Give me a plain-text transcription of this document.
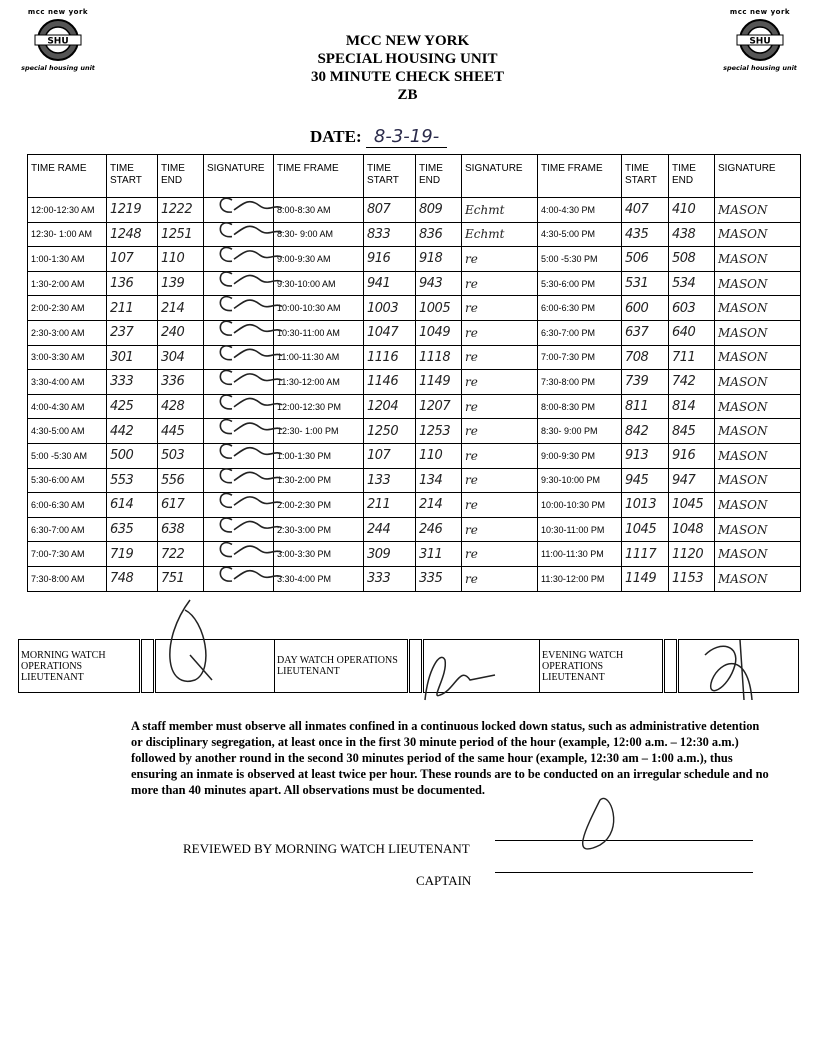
mcc new york
SHU
special housing unit
mcc new york
SHU
special housing unit
MCC NEW YORK
SPECIAL HOUSING UNIT
30 MINUTE CHECK SHEET
ZB
DATE: 8-3-19-
TIME RAME	TIME START	TIME END	SIGNATURE	TIME FRAME	TIME START	TIME END	SIGNATURE	TIME FRAME	TIME START	TIME END	SIGNATURE
12:00-12:30 AM	1219	1222		8:00-8:30 AM	807	809	Echmt	4:00-4:30 PM	407	410	MASON
12:30- 1:00 AM	1248	1251		8:30- 9:00 AM	833	836	Echmt	4:30-5:00 PM	435	438	MASON
1:00-1:30 AM	107	110		9:00-9:30 AM	916	918	re	5:00 -5:30 PM	506	508	MASON
1:30-2:00 AM	136	139		9:30-10:00 AM	941	943	re	5:30-6:00 PM	531	534	MASON
2:00-2:30 AM	211	214		10:00-10:30 AM	1003	1005	re	6:00-6:30 PM	600	603	MASON
2:30-3:00 AM	237	240		10:30-11:00 AM	1047	1049	re	6:30-7:00 PM	637	640	MASON
3:00-3:30 AM	301	304		11:00-11:30 AM	1116	1118	re	7:00-7:30 PM	708	711	MASON
3:30-4:00 AM	333	336		11:30-12:00 AM	1146	1149	re	7:30-8:00 PM	739	742	MASON
4:00-4:30 AM	425	428		12:00-12:30 PM	1204	1207	re	8:00-8:30 PM	811	814	MASON
4:30-5:00 AM	442	445		12:30- 1:00 PM	1250	1253	re	8:30- 9:00 PM	842	845	MASON
5:00 -5:30 AM	500	503		1:00-1:30 PM	107	110	re	9:00-9:30 PM	913	916	MASON
5:30-6:00 AM	553	556		1:30-2:00 PM	133	134	re	9:30-10:00 PM	945	947	MASON
6:00-6:30 AM	614	617		2:00-2:30 PM	211	214	re	10:00-10:30 PM	1013	1045	MASON
6:30-7:00 AM	635	638		2:30-3:00 PM	244	246	re	10:30-11:00 PM	1045	1048	MASON
7:00-7:30 AM	719	722		3:00-3:30 PM	309	311	re	11:00-11:30 PM	1117	1120	MASON
7:30-8:00 AM	748	751		3:30-4:00 PM	333	335	re	11:30-12:00 PM	1149	1153	MASON
MORNING WATCH OPERATIONS LIEUTENANT			DAY WATCH OPERATIONS LIEUTENANT			EVENING WATCH OPERATIONS LIEUTENANT		
A staff member must observe all inmates confined in a continuous locked down status, such as administrative detention or disciplinary segregation, at least once in the first 30 minute period of the hour (example, 12:00 a.m. – 12:30 a.m.) followed by another round in the second 30 minutes period of the same hour (example, 12:30 am – 1:00 a.m.), thus ensuring an inmate is observed at least twice per hour. These rounds are to be conducted on an irregular schedule and no more than 40 minutes apart. All observations must be documented.
REVIEWED BY MORNING WATCH LIEUTENANT
CAPTAIN
